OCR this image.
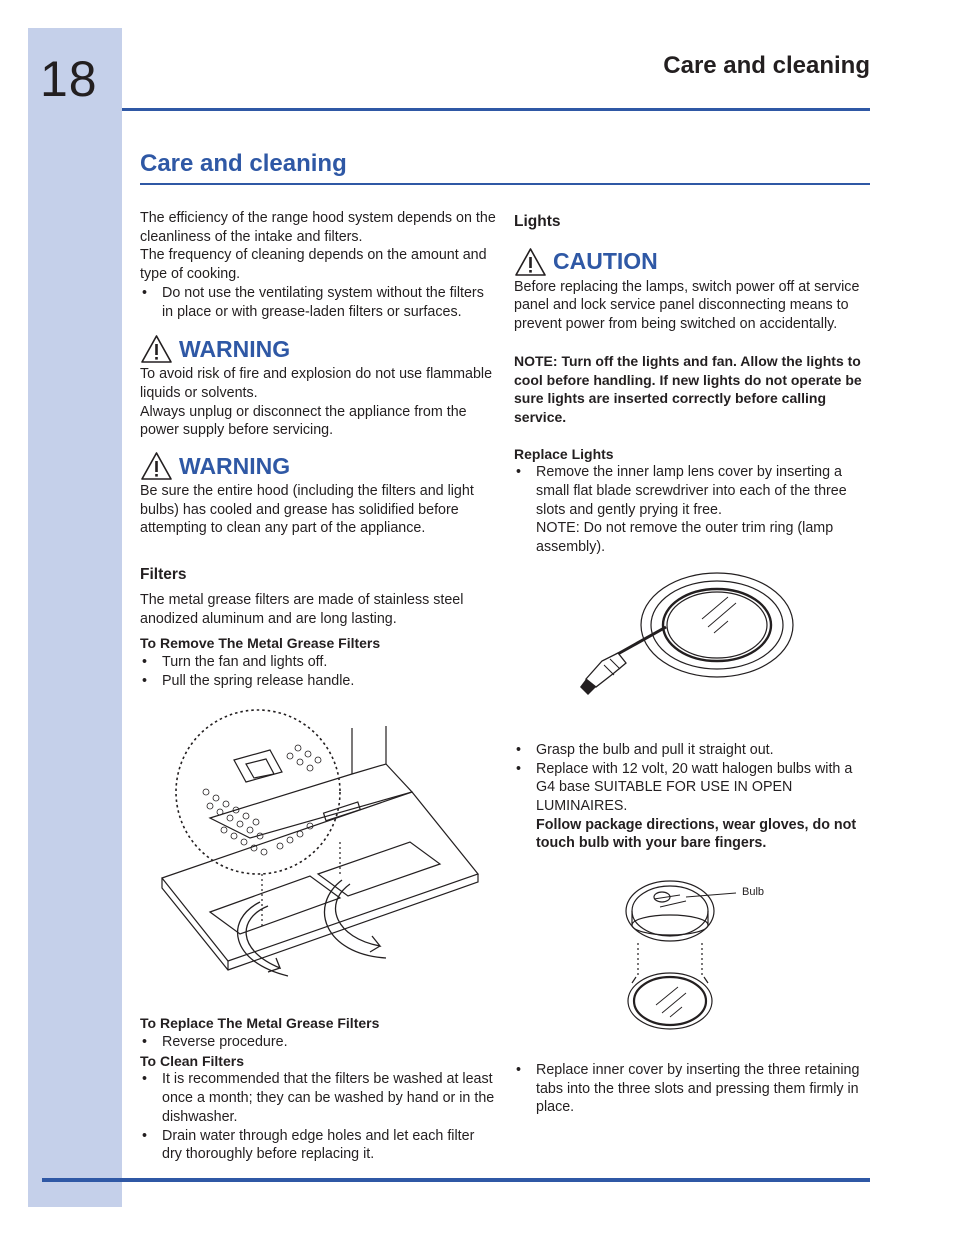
18	Care and cleaning
Care and cleaning

The efficiency of the range hood system depends on the cleanliness of the intake and filters.

The frequency of cleaning depends on the amount and type of cooking.

• Do not use the ventilating system without the filters in place or with grease-laden filters or surfaces.
WARNING

To avoid risk of fire and explosion do not use flammable liquids or solvents.

Always unplug or disconnect the appliance from the power supply before servicing.

WARNING

Be sure the entire hood (including the filters and light bulbs) has cooled and grease has solidified before attempting to clean any part of the appliance.

Filters

The metal grease filters are made of stainless steel anodized aluminum and are long lasting.

To Remove The Metal Grease Filters

• Turn the fan and lights off.
• Pull the spring release handle.

To Replace The Metal Grease Filters

• Reverse procedure.

To Clean Filters

• It is recommended that the filters be washed at least once a month; they can be washed by hand or in the dishwasher.
• Drain water through edge holes and let each filter dry thoroughly before replacing it.
Lights
CAUTION

Before replacing the lamps, switch power off at service panel and lock service panel disconnecting means to prevent power from being switched on accidentally.

NOTE: Turn off the lights and fan. Allow the lights to cool before handling. If new lights do not operate be sure lights are inserted correctly before calling service.

Replace Lights

• Remove the inner lamp lens cover by inserting a small flat blade screwdriver into each of the three slots and gently prying it free.
NOTE: Do not remove the outer trim ring (lamp assembly).
• Grasp the bulb and pull it straight out.
• Replace with 12 volt, 20 watt halogen bulbs with a G4 base SUITABLE FOR USE IN OPEN LUMINAIRES.
Follow package directions, wear gloves, do not touch bulb with your bare fingers.
Bulb
• Replace inner cover by inserting the three retaining tabs into the three slots and pressing them firmly in place.
